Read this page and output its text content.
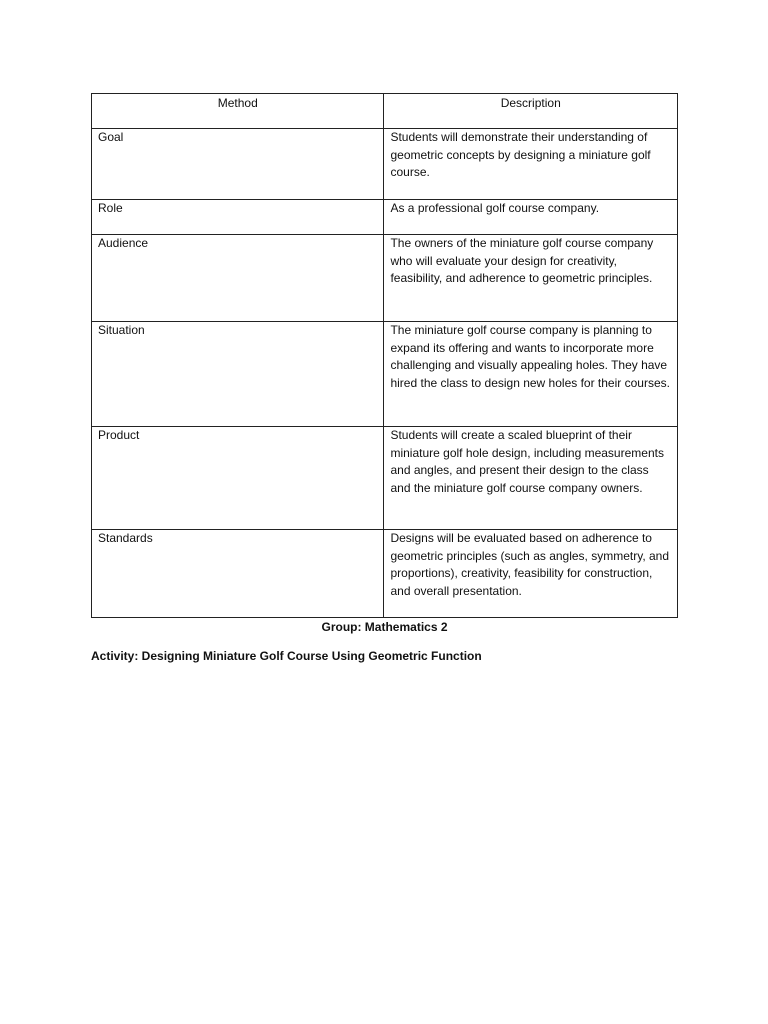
Method	Description
Goal	Students will demonstrate their understanding of geometric concepts by designing a miniature golf course.
Role	As a professional golf course company.
Audience	The owners of the miniature golf course company who will evaluate your design for creativity, feasibility, and adherence to geometric principles.
Situation	The miniature golf course company is planning to expand its offering and wants to incorporate more challenging and visually appealing holes. They have hired the class to design new holes for their courses.
Product	Students will create a scaled blueprint of their miniature golf hole design, including measurements and angles, and present their design to the class and the miniature golf course company owners.
Standards	Designs will be evaluated based on adherence to geometric principles (such as angles, symmetry, and proportions), creativity, feasibility for construction, and overall presentation.
Group: Mathematics 2
Activity: Designing Miniature Golf Course Using Geometric Function
